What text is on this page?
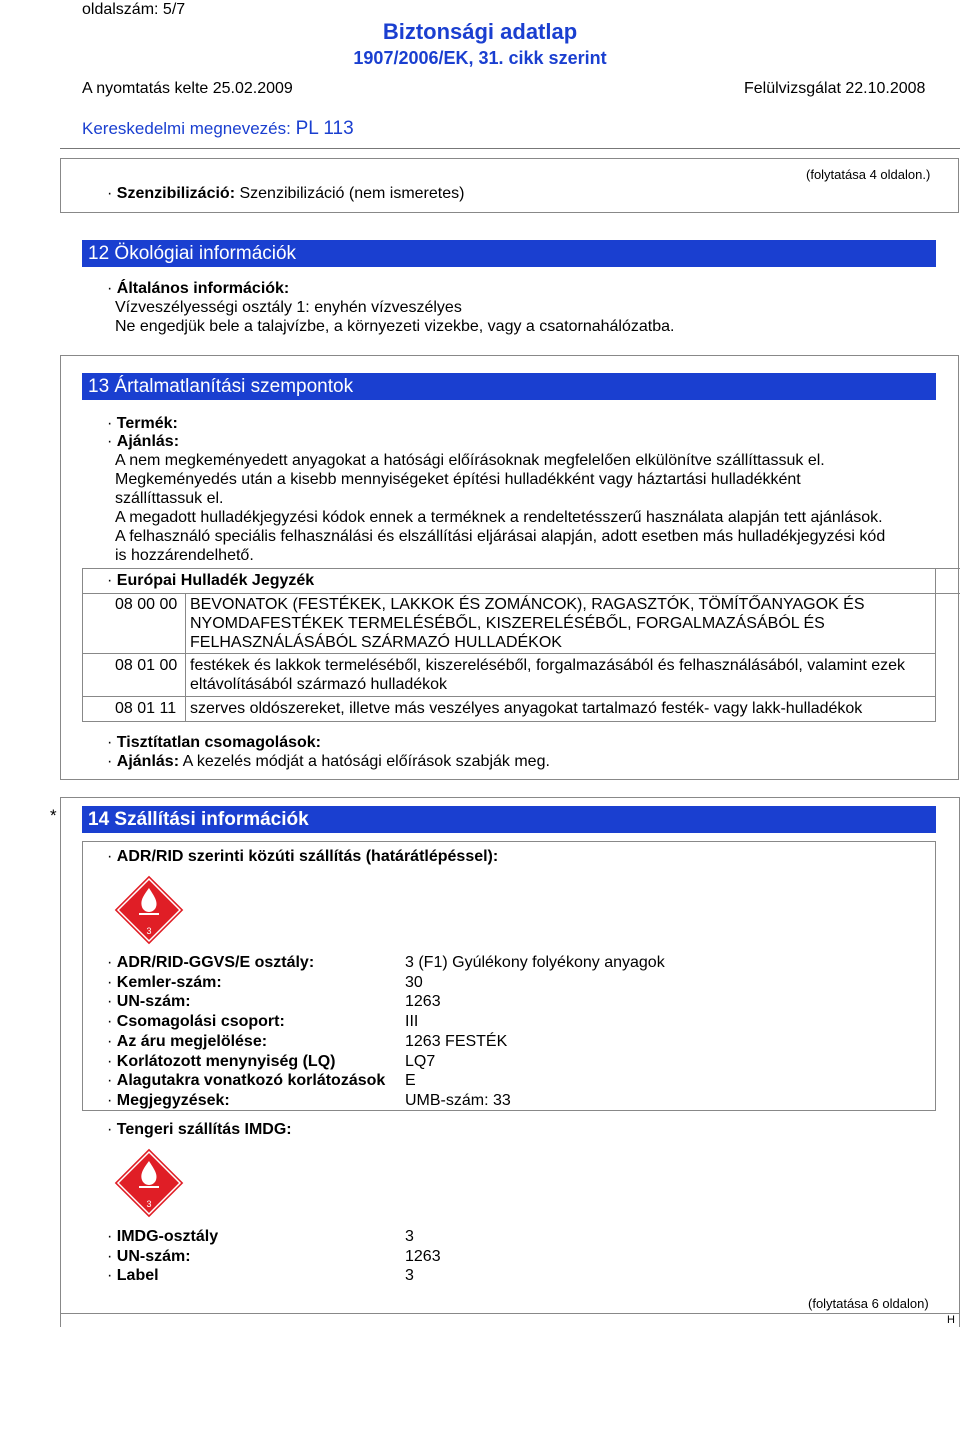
oldalszám: 5/7
Biztonsági adatlap
1907/2006/EK, 31. cikk szerint
A nyomtatás kelte 25.02.2009	Felülvizsgálat 22.10.2008
Kereskedelmi megnevezés: PL 113
(folytatása 4 oldalon.)
· Szenzibilizáció: Szenzibilizáció (nem ismeretes)
12 Ökológiai információk
· Általános információk:
Vízveszélyességi osztály 1: enyhén vízveszélyes
Ne engedjük bele a talajvízbe, a környezeti vizekbe, vagy a csatornahálózatba.
13 Ártalmatlanítási szempontok
· Termék:
· Ajánlás:
A nem megkeményedett anyagokat a hatósági előírásoknak megfelelően elkülönítve szállíttassuk el.
Megkeményedés után a kisebb mennyiségeket építési hulladékként vagy háztartási hulladékként
szállíttassuk el.
A megadott hulladékjegyzési kódok ennek a terméknek a rendeltetésszerű használata alapján tett ajánlások.
A felhasználó speciális felhasználási és elszállítási eljárásai alapján, adott esetben más hulladékjegyzési kód
is hozzárendelhető.
· Európai Hulladék Jegyzék
08 00 00 BEVONATOK (FESTÉKEK, LAKKOK ÉS ZOMÁNCOK), RAGASZTÓK, TÖMÍTŐANYAGOK ÉS NYOMDAFESTÉKEK TERMELÉSÉBŐL, KISZERELÉSÉBŐL, FORGALMAZÁSÁBÓL ÉS FELHASZNÁLÁSÁBÓL SZÁRMAZÓ HULLADÉKOK
08 01 00 festékek és lakkok termeléséből, kiszereléséből, forgalmazásából és felhasználásából, valamint ezek eltávolításából származó hulladékok
08 01 11 szerves oldószereket, illetve más veszélyes anyagokat tartalmazó festék- vagy lakk-hulladékok
· Tisztítatlan csomagolások:
· Ajánlás: A kezelés módját a hatósági előírások szabják meg.
*	14 Szállítási információk
· ADR/RID szerinti közúti szállítás (határátlépéssel):
3
· ADR/RID-GGVS/E osztály:	3 (F1) Gyúlékony folyékony anyagok
· Kemler-szám:	30
· UN-szám:	1263
· Csomagolási csoport:	III
· Az áru megjelölése:	1263 FESTÉK
· Korlátozott menynyiség (LQ)	LQ7
· Alagutakra vonatkozó korlátozások E
· Megjegyzések:	UMB-szám: 33
· Tengeri szállítás IMDG:
3
· IMDG-osztály	3
· UN-szám:	1263
· Label	3
(folytatása 6 oldalon)
H
